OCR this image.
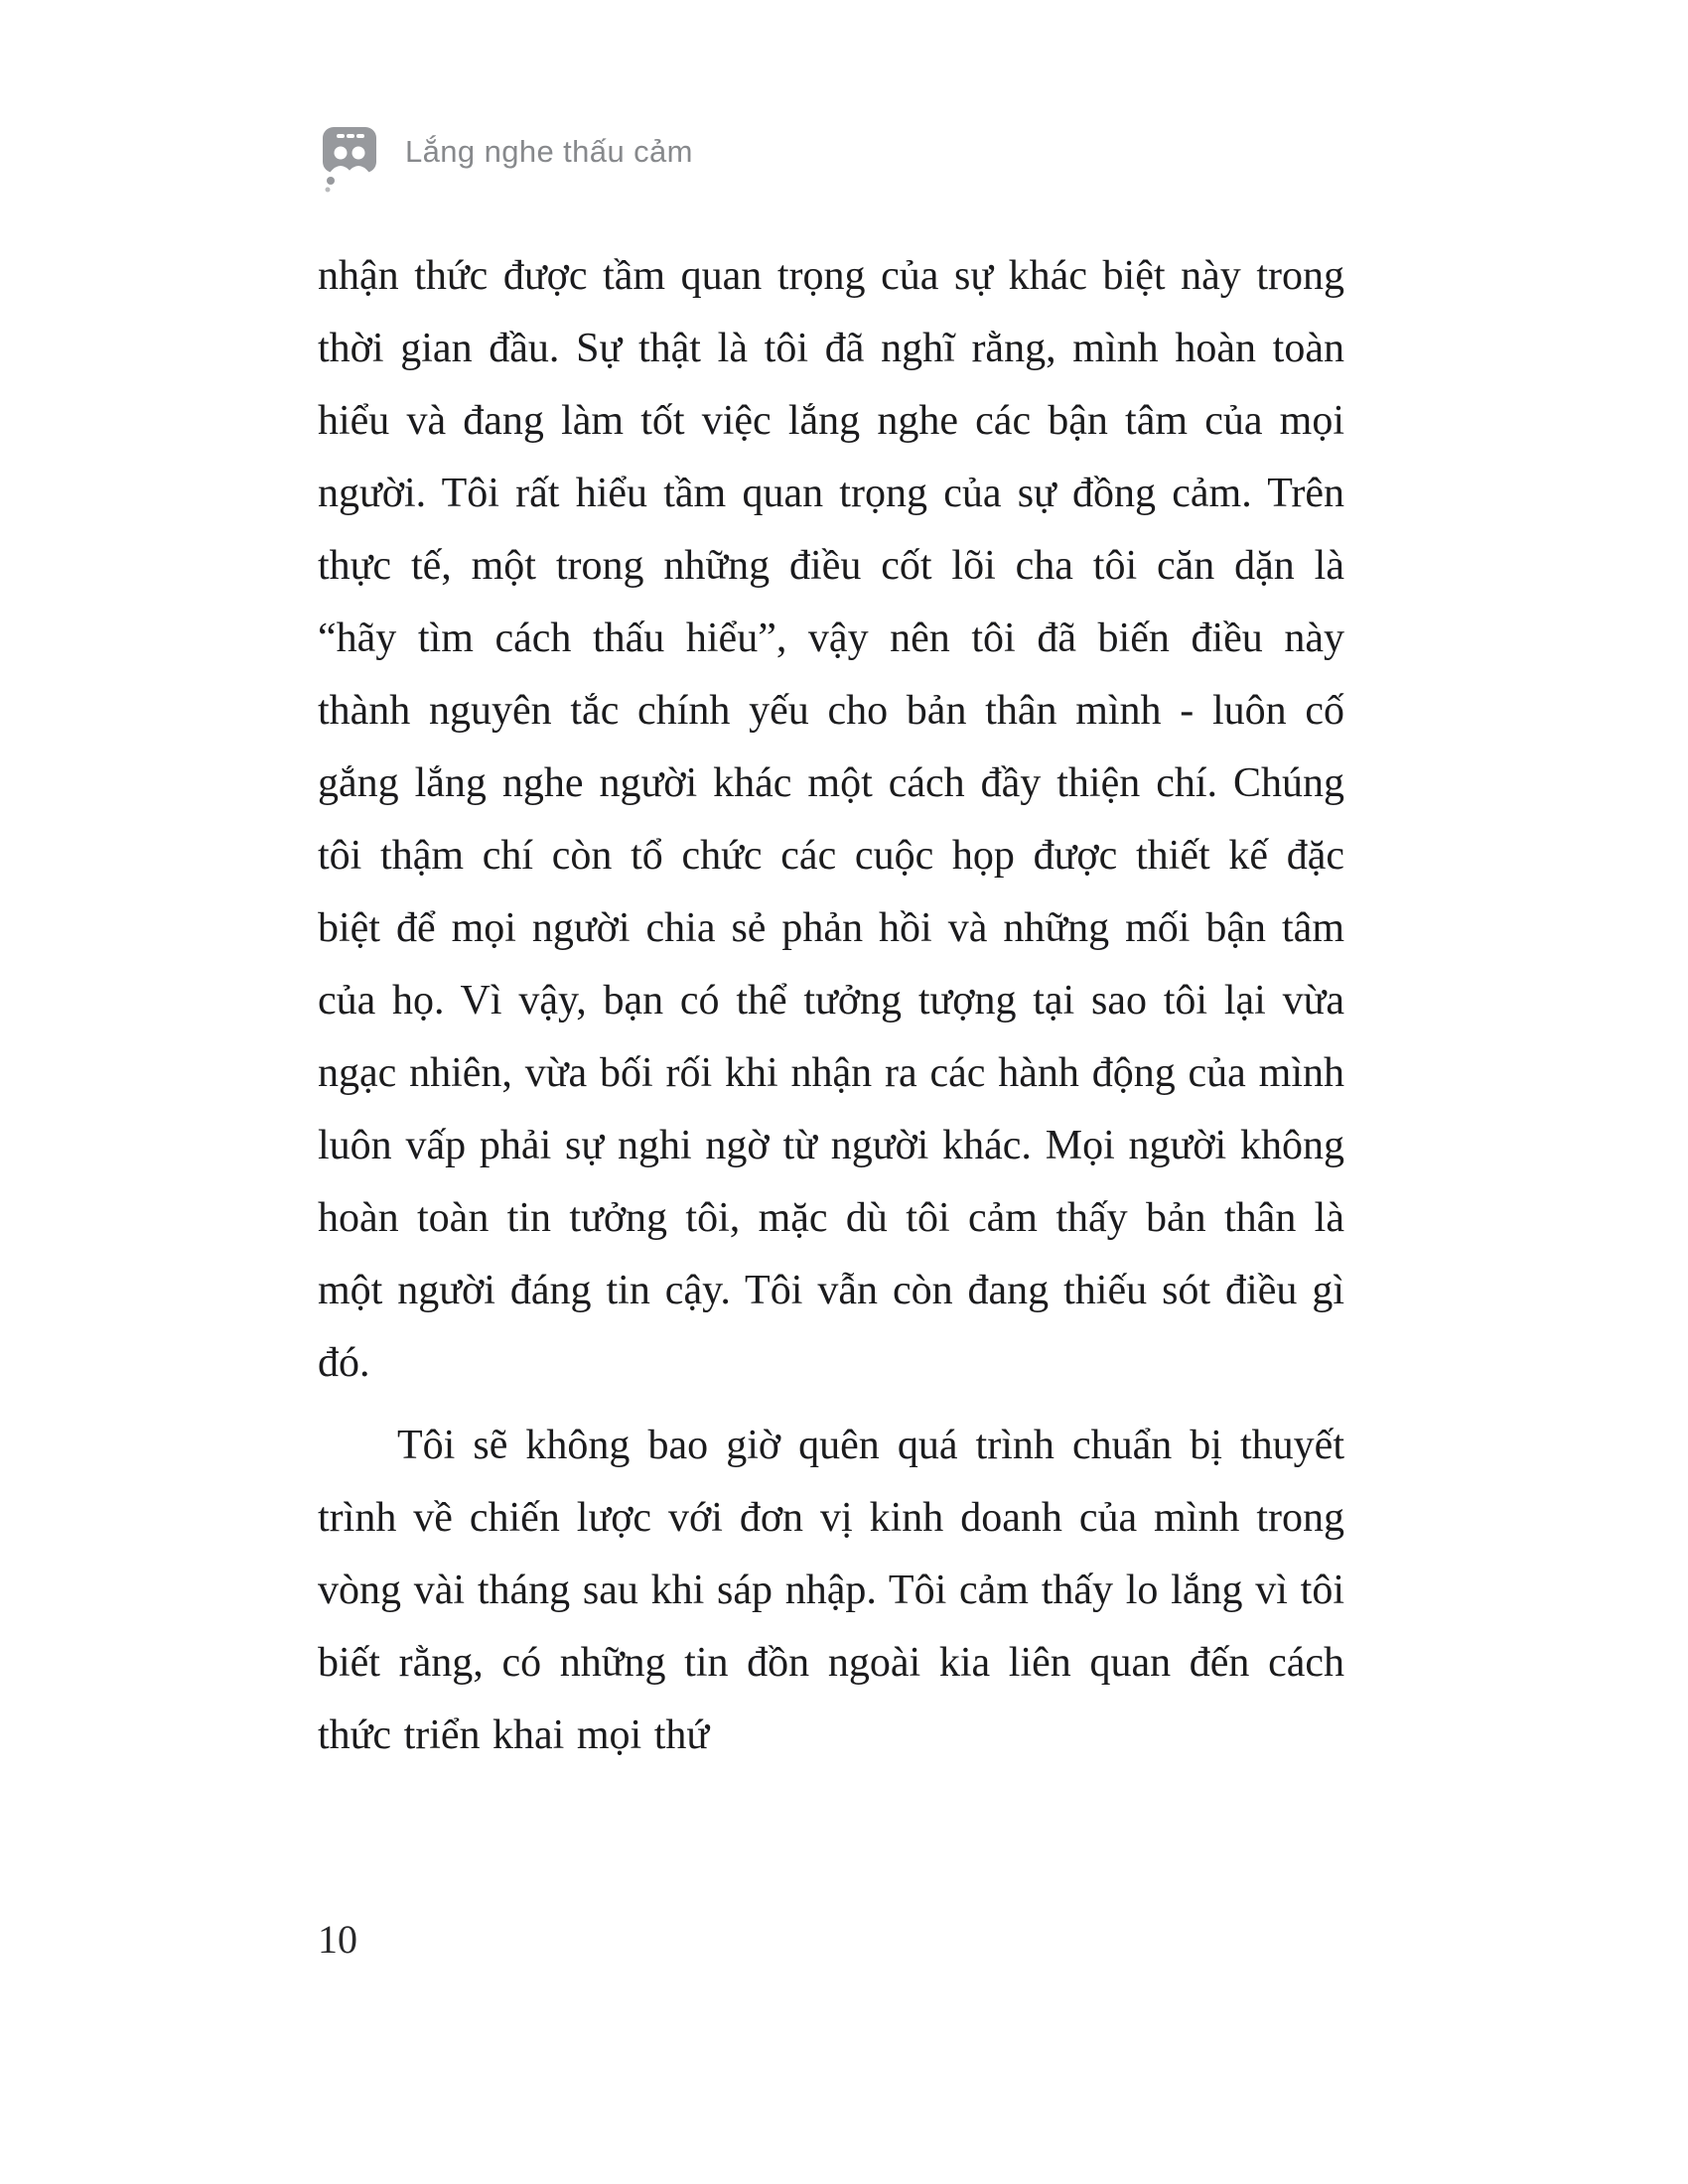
Lắng nghe thấu cảm

nhận thức được tầm quan trọng của sự khác biệt này trong thời gian đầu. Sự thật là tôi đã nghĩ rằng, mình hoàn toàn hiểu và đang làm tốt việc lắng nghe các bận tâm của mọi người. Tôi rất hiểu tầm quan trọng của sự đồng cảm. Trên thực tế, một trong những điều cốt lõi cha tôi căn dặn là “hãy tìm cách thấu hiểu”, vậy nên tôi đã biến điều này thành nguyên tắc chính yếu cho bản thân mình - luôn cố gắng lắng nghe người khác một cách đầy thiện chí. Chúng tôi thậm chí còn tổ chức các cuộc họp được thiết kế đặc biệt để mọi người chia sẻ phản hồi và những mối bận tâm của họ. Vì vậy, bạn có thể tưởng tượng tại sao tôi lại vừa ngạc nhiên, vừa bối rối khi nhận ra các hành động của mình luôn vấp phải sự nghi ngờ từ người khác. Mọi người không hoàn toàn tin tưởng tôi, mặc dù tôi cảm thấy bản thân là một người đáng tin cậy. Tôi vẫn còn đang thiếu sót điều gì đó.

Tôi sẽ không bao giờ quên quá trình chuẩn bị thuyết trình về chiến lược với đơn vị kinh doanh của mình trong vòng vài tháng sau khi sáp nhập. Tôi cảm thấy lo lắng vì tôi biết rằng, có những tin đồn ngoài kia liên quan đến cách thức triển khai mọi thứ

10
